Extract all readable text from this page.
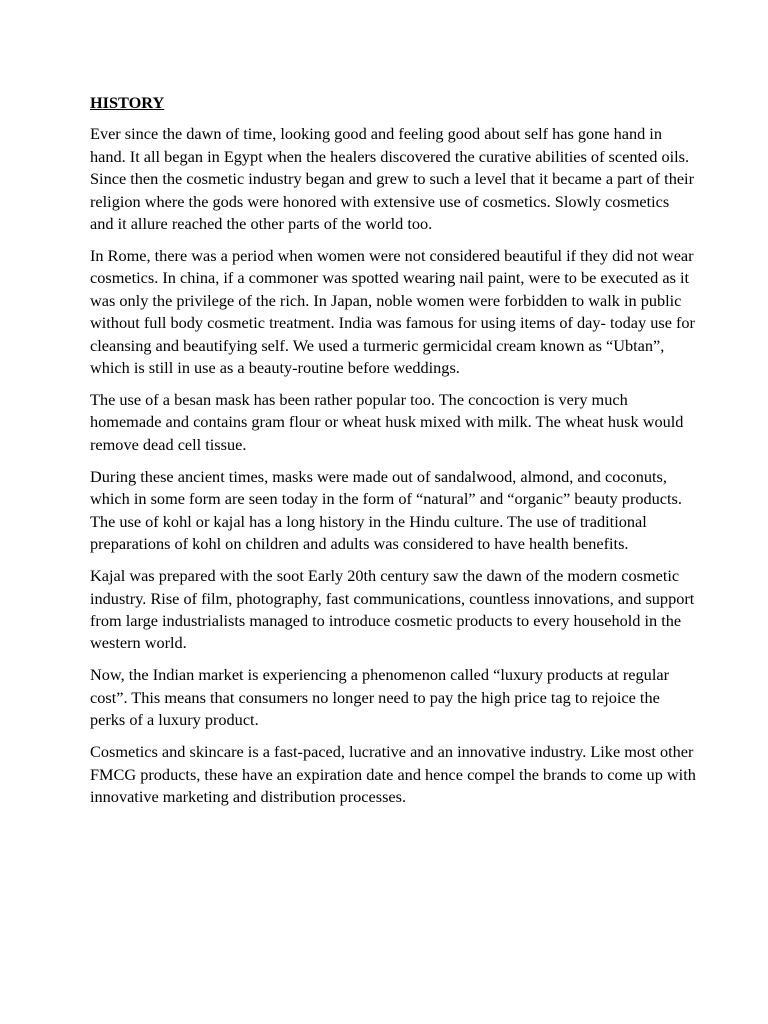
HISTORY

Ever since the dawn of time, looking good and feeling good about self has gone hand in hand. It all began in Egypt when the healers discovered the curative abilities of scented oils. Since then the cosmetic industry began and grew to such a level that it became a part of their religion where the gods were honored with extensive use of cosmetics. Slowly cosmetics and it allure reached the other parts of the world too.

In Rome, there was a period when women were not considered beautiful if they did not wear cosmetics. In china, if a commoner was spotted wearing nail paint, were to be executed as it was only the privilege of the rich. In Japan, noble women were forbidden to walk in public without full body cosmetic treatment. India was famous for using items of day- today use for cleansing and beautifying self. We used a turmeric germicidal cream known as “Ubtan”, which is still in use as a beauty-routine before weddings.

The use of a besan mask has been rather popular too. The concoction is very much homemade and contains gram flour or wheat husk mixed with milk. The wheat husk would remove dead cell tissue.

During these ancient times, masks were made out of sandalwood, almond, and coconuts, which in some form are seen today in the form of “natural” and “organic” beauty products. The use of kohl or kajal has a long history in the Hindu culture. The use of traditional preparations of kohl on children and adults was considered to have health benefits.

Kajal was prepared with the soot Early 20th century saw the dawn of the modern cosmetic industry. Rise of film, photography, fast communications, countless innovations, and support from large industrialists managed to introduce cosmetic products to every household in the western world.

Now, the Indian market is experiencing a phenomenon called “luxury products at regular cost”. This means that consumers no longer need to pay the high price tag to rejoice the perks of a luxury product.

Cosmetics and skincare is a fast-paced, lucrative and an innovative industry. Like most other FMCG products, these have an expiration date and hence compel the brands to come up with innovative marketing and distribution processes.
